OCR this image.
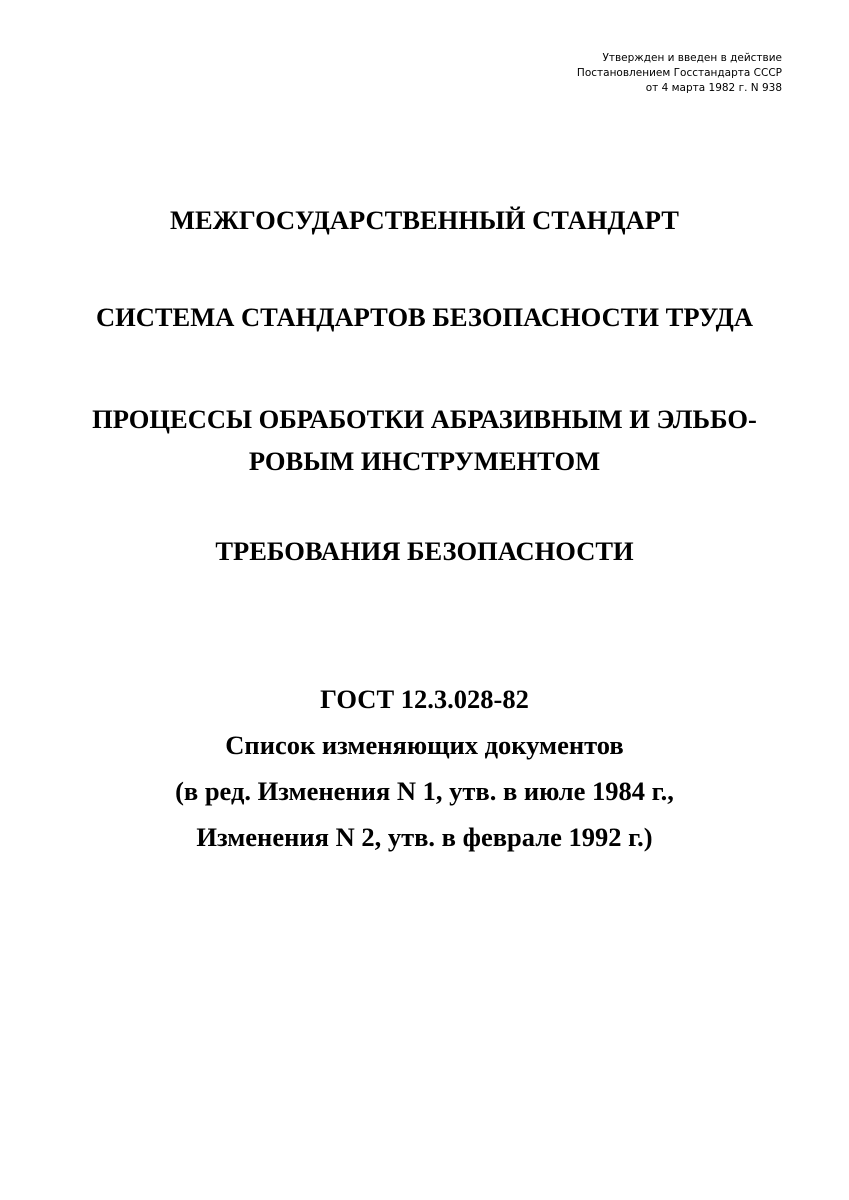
Утвержден и введен в действие
Постановлением Госстандарта СССР
от 4 марта 1982 г. N 938
МЕЖГОСУДАРСТВЕННЫЙ СТАНДАРТ
СИСТЕМА СТАНДАРТОВ БЕЗОПАСНОСТИ ТРУДА
ПРОЦЕССЫ ОБРАБОТКИ АБРАЗИВНЫМ И ЭЛЬБО-
РОВЫМ ИНСТРУМЕНТОМ
ТРЕБОВАНИЯ БЕЗОПАСНОСТИ
ГОСТ 12.3.028-82
Список изменяющих документов
(в ред. Изменения N 1, утв. в июле 1984 г.,
Изменения N 2, утв. в феврале 1992 г.)
